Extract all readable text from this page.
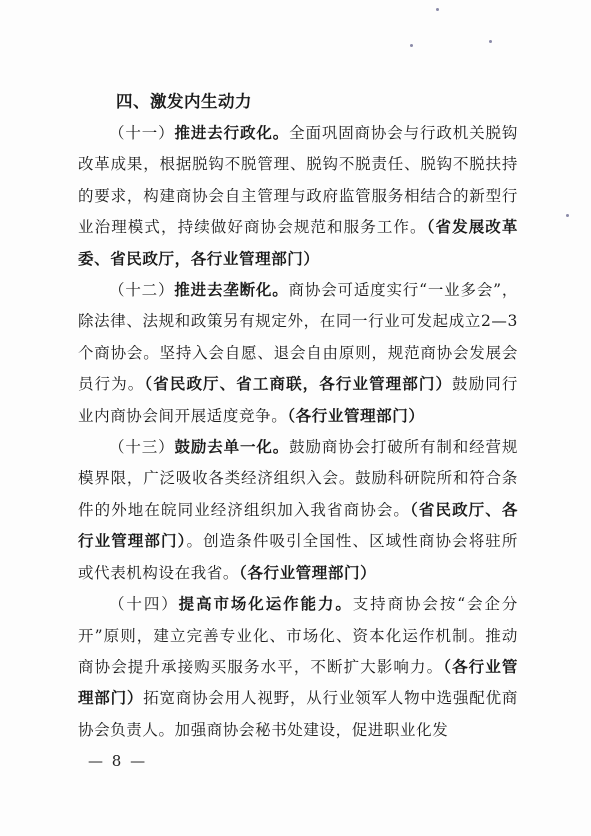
四、激发内生动力

（十一）推进去行政化。全面巩固商协会与行政机关脱钩改革成果，根据脱钩不脱管理、脱钩不脱责任、脱钩不脱扶持的要求，构建商协会自主管理与政府监管服务相结合的新型行业治理模式，持续做好商协会规范和服务工作。（省发展改革委、省民政厅，各行业管理部门）

（十二）推进去垄断化。商协会可适度实行“一业多会”，除法律、法规和政策另有规定外，在同一行业可发起成立2—3个商协会。坚持入会自愿、退会自由原则，规范商协会发展会员行为。（省民政厅、省工商联，各行业管理部门）鼓励同行业内商协会间开展适度竞争。（各行业管理部门）

（十三）鼓励去单一化。鼓励商协会打破所有制和经营规模界限，广泛吸收各类经济组织入会。鼓励科研院所和符合条件的外地在皖同业经济组织加入我省商协会。（省民政厅、各行业管理部门）。创造条件吸引全国性、区域性商协会将驻所或代表机构设在我省。（各行业管理部门）

（十四）提高市场化运作能力。支持商协会按“会企分开”原则，建立完善专业化、市场化、资本化运作机制。推动商协会提升承接购买服务水平，不断扩大影响力。（各行业管理部门）拓宽商协会用人视野，从行业领军人物中选强配优商协会负责人。加强商协会秘书处建设，促进职业化发

— 8 —
